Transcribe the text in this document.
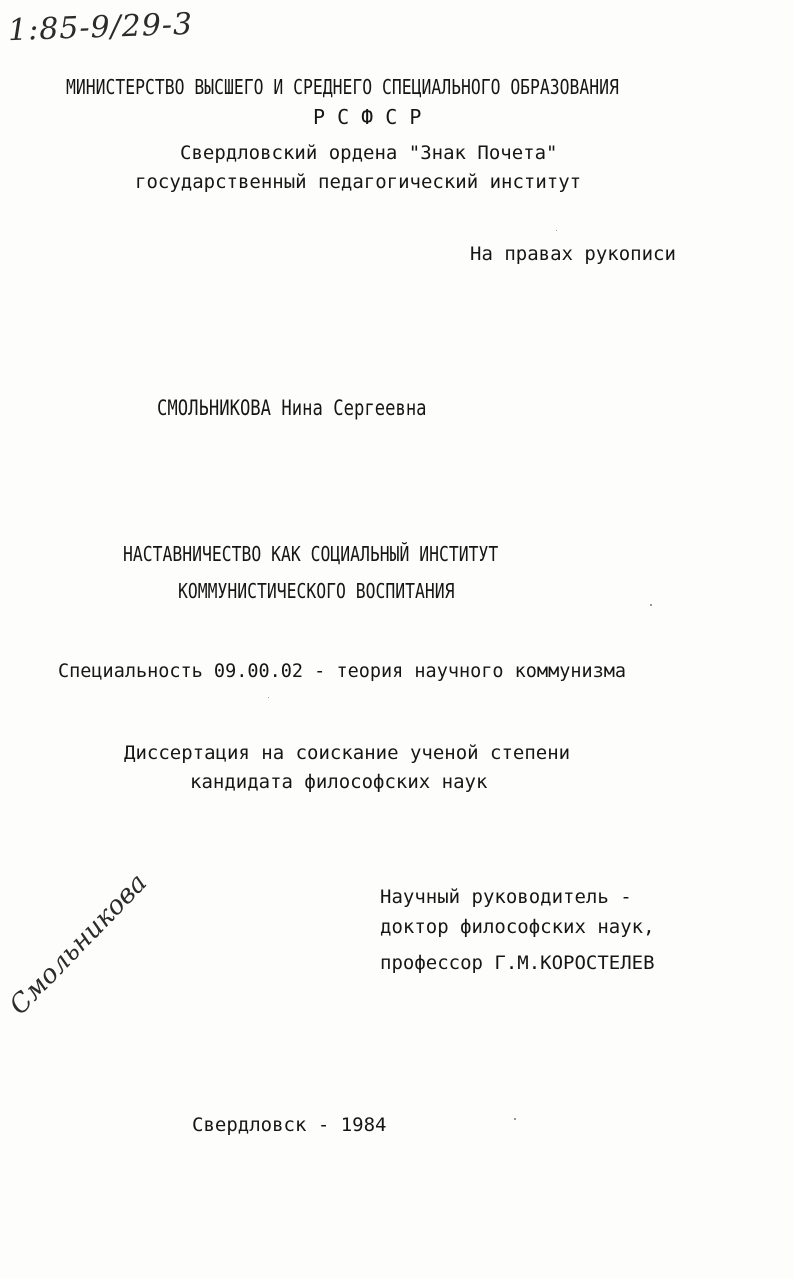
1:85-9/29-3
МИНИСТЕРСТВО ВЫСШЕГО И СРЕДНЕГО СПЕЦИАЛЬНОГО ОБРАЗОВАНИЯ
Р С Ф С Р
Свердловский ордена "Знак Почета"
государственный педагогический институт
На правах рукописи
СМОЛЬНИКОВА Нина Сергеевна
НАСТАВНИЧЕСТВО КАК СОЦИАЛЬНЫЙ ИНСТИТУТ
КОММУНИСТИЧЕСКОГО ВОСПИТАНИЯ
Специальность 09.00.02 - теория научного коммунизма
Диссертация на соискание ученой степени
кандидата философских наук
Научный руководитель -
доктор философских наук,
профессор Г.М.КОРОСТЕЛЕВ
Смольникова
Свердловск - 1984
